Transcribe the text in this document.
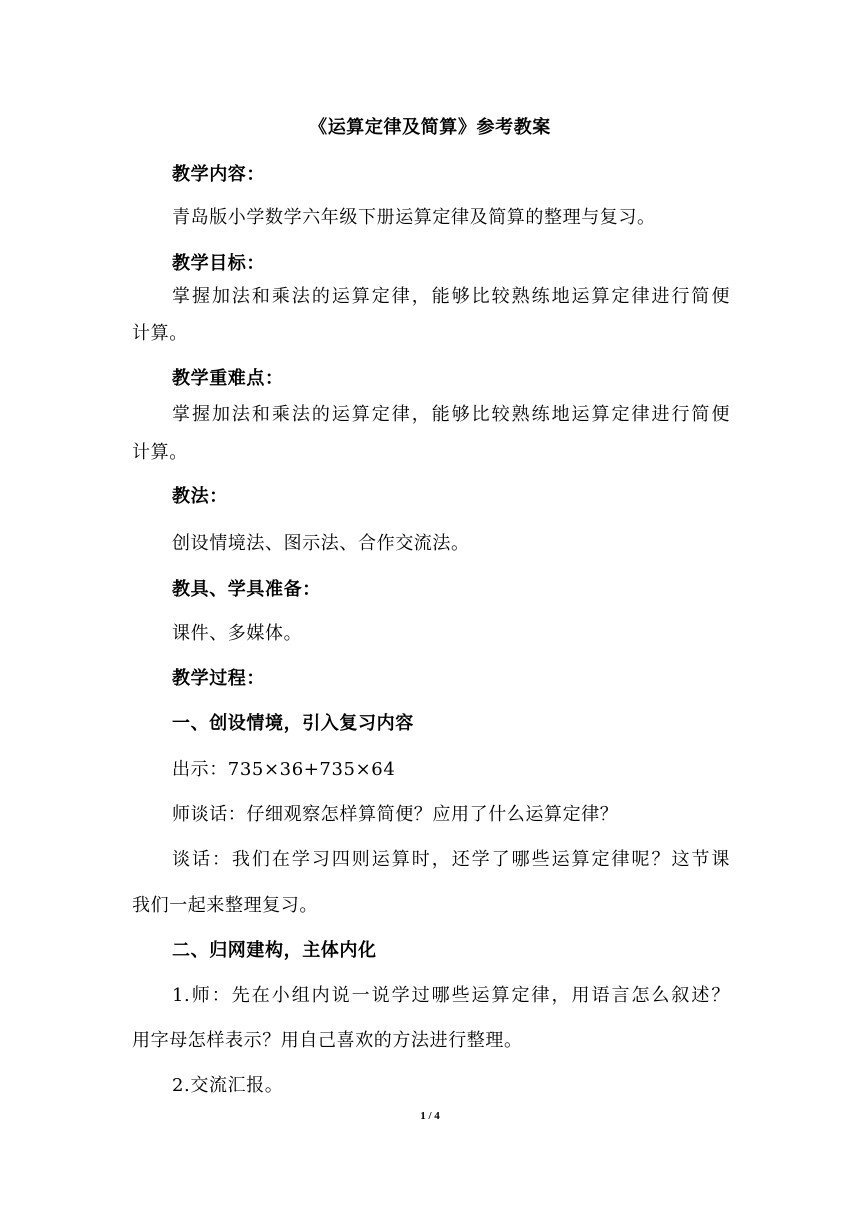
《运算定律及简算》参考教案
教学内容：
青岛版小学数学六年级下册运算定律及简算的整理与复习。
教学目标：
掌握加法和乘法的运算定律，能够比较熟练地运算定律进行简便
计算。
教学重难点：
掌握加法和乘法的运算定律，能够比较熟练地运算定律进行简便
计算。
教法：
创设情境法、图示法、合作交流法。
教具、学具准备：
课件、多媒体。
教学过程：
一、创设情境，引入复习内容
出示：735×36+735×64
师谈话：仔细观察怎样算简便？应用了什么运算定律？
谈话：我们在学习四则运算时，还学了哪些运算定律呢？这节课
我们一起来整理复习。
二、归网建构，主体内化
1.师：先在小组内说一说学过哪些运算定律，用语言怎么叙述？
用字母怎样表示？用自己喜欢的方法进行整理。
2.交流汇报。
1 / 4
